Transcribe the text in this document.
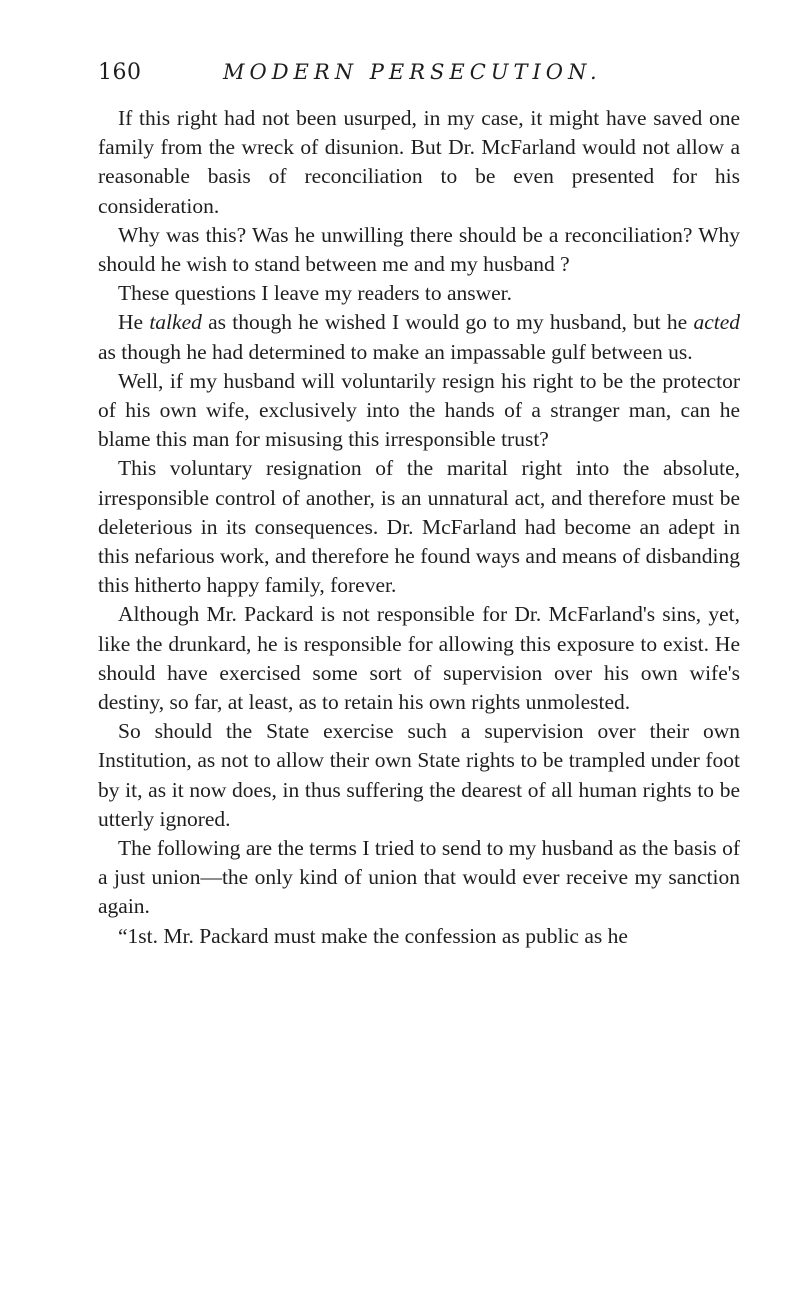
160	MODERN PERSECUTION.

If this right had not been usurped, in my case, it might have saved one family from the wreck of disunion. But Dr. McFarland would not allow a reasonable basis of reconciliation to be even presented for his consideration.

Why was this? Was he unwilling there should be a reconciliation? Why should he wish to stand between me and my husband ?

These questions I leave my readers to answer.

He talked as though he wished I would go to my husband, but he acted as though he had determined to make an impassable gulf between us.

Well, if my husband will voluntarily resign his right to be the protector of his own wife, exclusively into the hands of a stranger man, can he blame this man for misusing this irresponsible trust?

This voluntary resignation of the marital right into the absolute, irresponsible control of another, is an unnatural act, and therefore must be deleterious in its consequences. Dr. McFarland had become an adept in this nefarious work, and therefore he found ways and means of disbanding this hitherto happy family, forever.

Although Mr. Packard is not responsible for Dr. McFarland's sins, yet, like the drunkard, he is responsible for allowing this exposure to exist. He should have exercised some sort of supervision over his own wife's destiny, so far, at least, as to retain his own rights unmolested.

So should the State exercise such a supervision over their own Institution, as not to allow their own State rights to be trampled under foot by it, as it now does, in thus suffering the dearest of all human rights to be utterly ignored.

The following are the terms I tried to send to my husband as the basis of a just union—the only kind of union that would ever receive my sanction again.

“1st. Mr. Packard must make the confession as public as he
